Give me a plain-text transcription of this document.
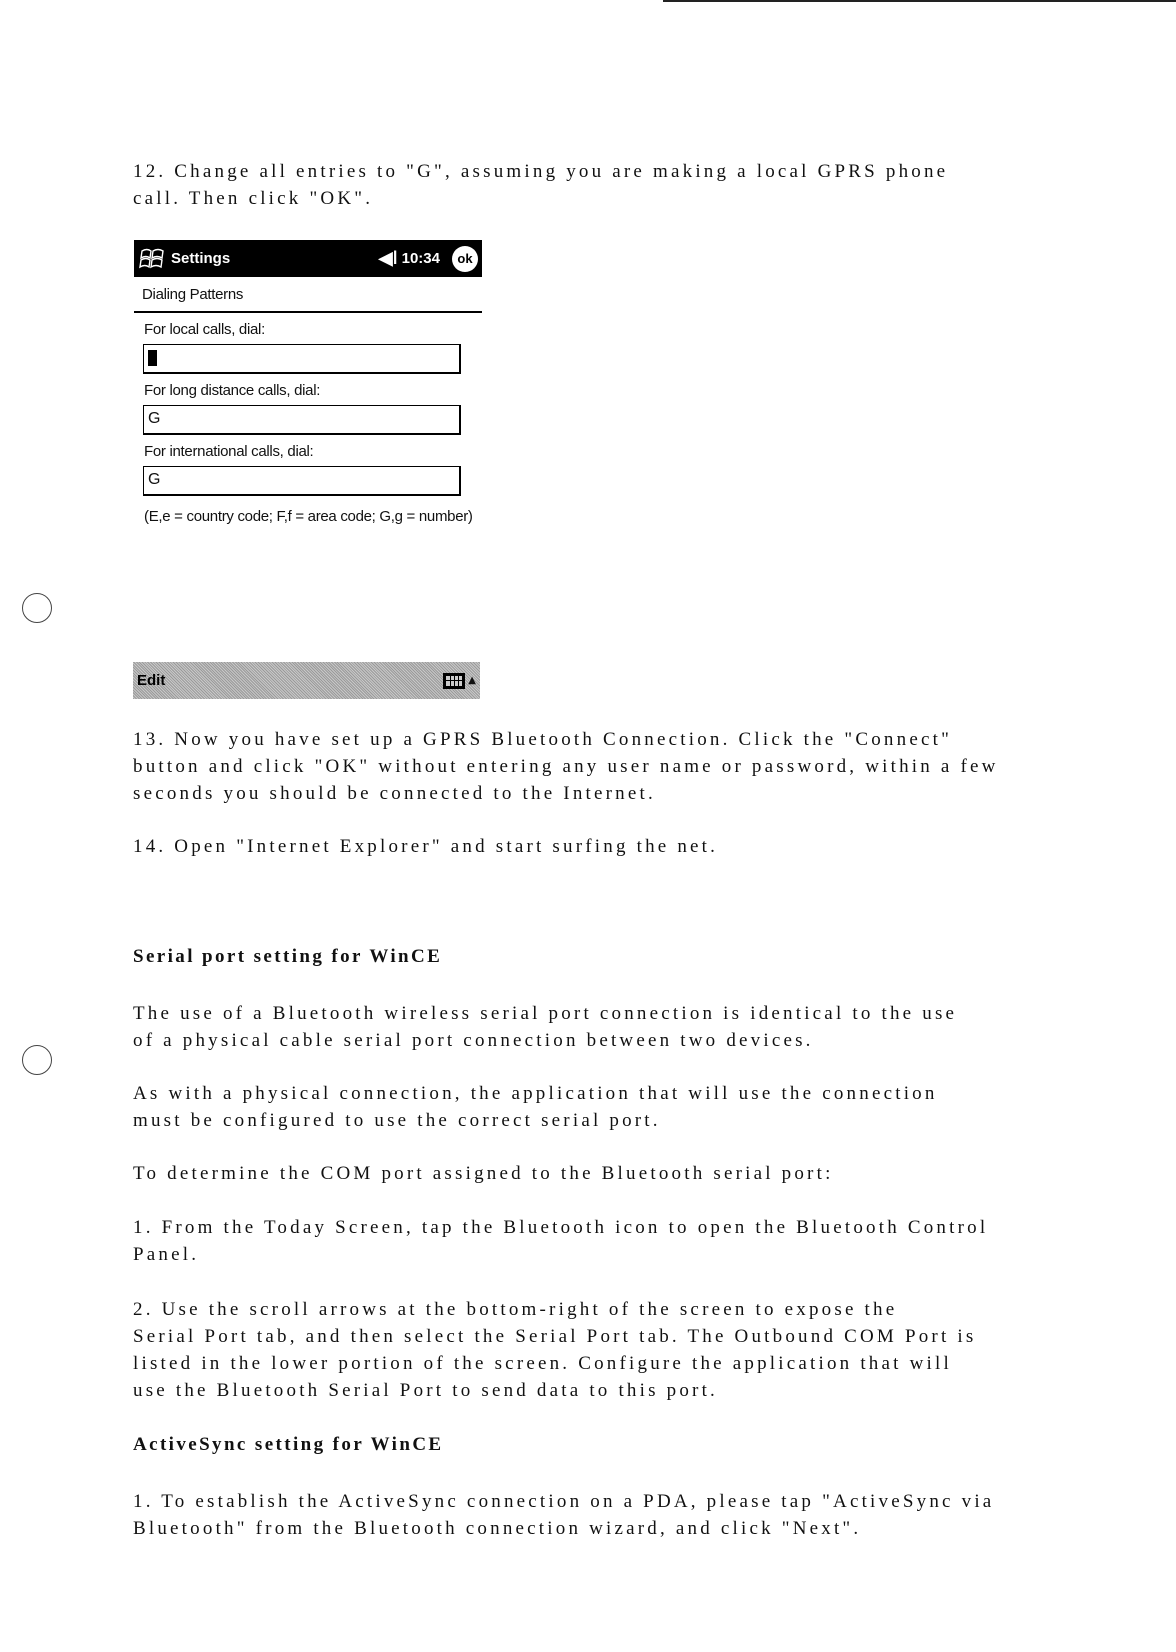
12. Change all entries to "G", assuming you are making a local GPRS phone
call. Then click "OK".

Settings	◀ǀ 10:34	ok
Dialing Patterns
For local calls, dial:
For long distance calls, dial:
G
For international calls, dial:
G
(E,e = country code; F,f = area code; G,g = number)
Edit	▲

13. Now you have set up a GPRS Bluetooth Connection. Click the "Connect"
button and click "OK" without entering any user name or password, within a few
seconds you should be connected to the Internet.

14. Open "Internet Explorer" and start surfing the net.

Serial port setting for WinCE

The use of a Bluetooth wireless serial port connection is identical to the use
of a physical cable serial port connection between two devices.

As with a physical connection, the application that will use the connection
must be configured to use the correct serial port.

To determine the COM port assigned to the Bluetooth serial port:

1. From the Today Screen, tap the Bluetooth icon to open the Bluetooth Control
Panel.

2. Use the scroll arrows at the bottom-right of the screen to expose the
Serial Port tab, and then select the Serial Port tab. The Outbound COM Port is
listed in the lower portion of the screen. Configure the application that will
use the Bluetooth Serial Port to send data to this port.

ActiveSync setting for WinCE

1. To establish the ActiveSync connection on a PDA, please tap "ActiveSync via
Bluetooth" from the Bluetooth connection wizard, and click "Next".
